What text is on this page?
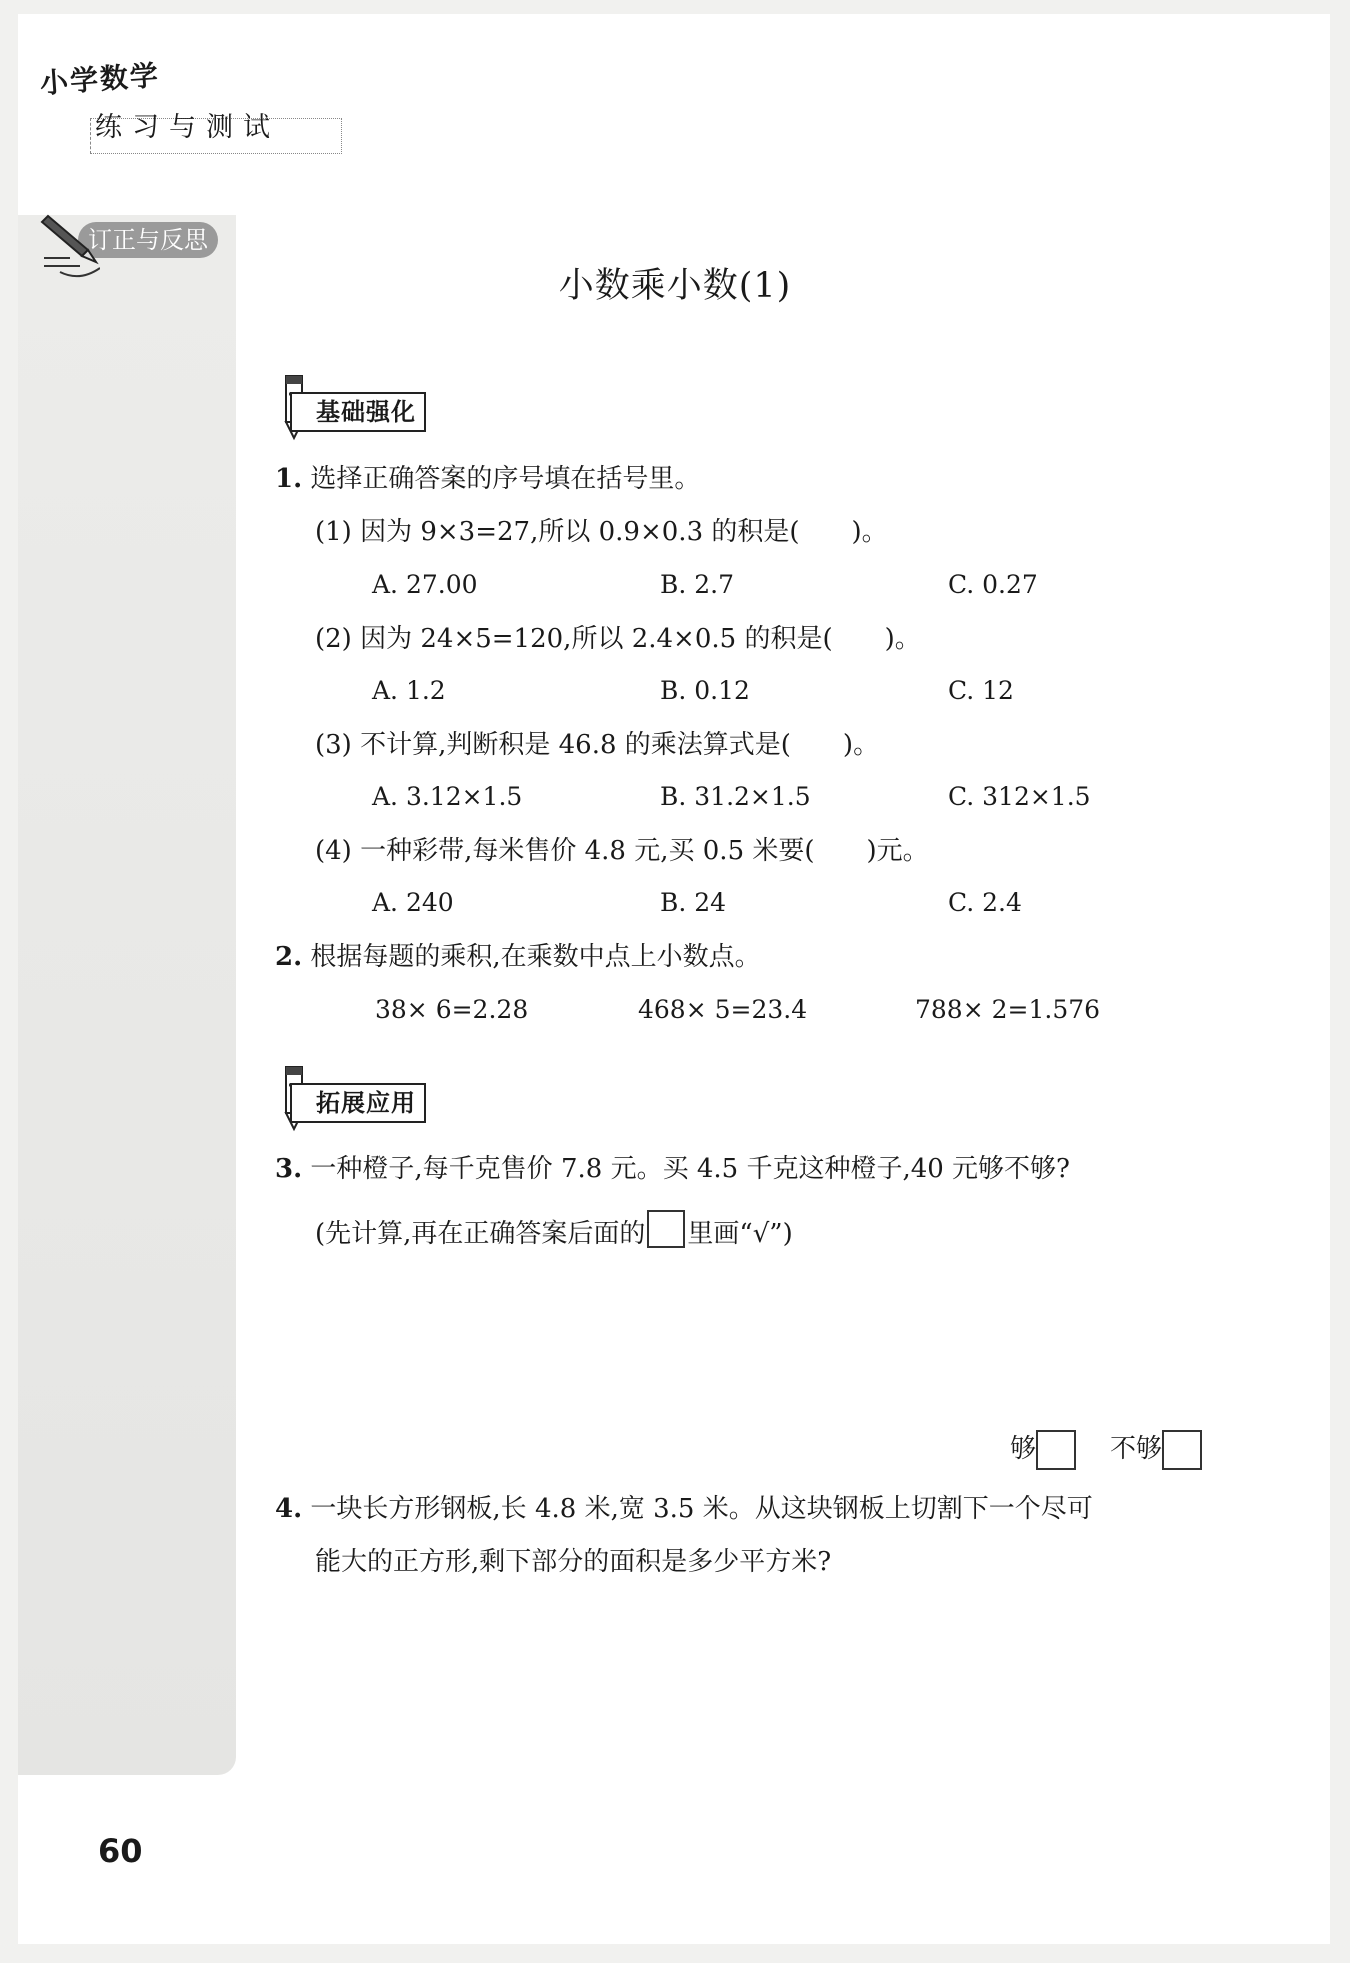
小学数学
练习与测试
订正与反思
小数乘小数(1)
基础强化
1. 选择正确答案的序号填在括号里。
(1) 因为 9×3=27,所以 0.9×0.3 的积是(　　)。
A. 27.00	B. 2.7	C. 0.27
(2) 因为 24×5=120,所以 2.4×0.5 的积是(　　)。
A. 1.2	B. 0.12	C. 12
(3) 不计算,判断积是 46.8 的乘法算式是(　　)。
A. 3.12×1.5	B. 31.2×1.5	C. 312×1.5
(4) 一种彩带,每米售价 4.8 元,买 0.5 米要(　　)元。
A. 240	B. 24	C. 2.4
2. 根据每题的乘积,在乘数中点上小数点。
38× 6=2.28	468× 5=23.4	788× 2=1.576
拓展应用
3. 一种橙子,每千克售价 7.8 元。买 4.5 千克这种橙子,40 元够不够?
(先计算,再在正确答案后面的 里画“√”)
够	不够
4. 一块长方形钢板,长 4.8 米,宽 3.5 米。从这块钢板上切割下一个尽可
能大的正方形,剩下部分的面积是多少平方米?
60
